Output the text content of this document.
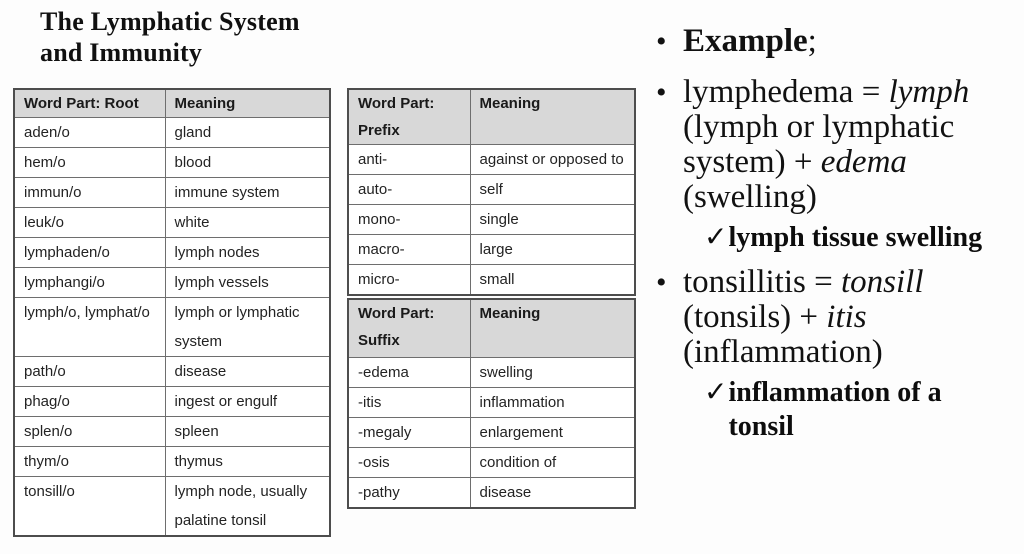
The Lymphatic System
and Immunity
Word Part: Root	Meaning
aden/o	gland
hem/o	blood
immun/o	immune system
leuk/o	white
lymphaden/o	lymph nodes
lymphangi/o	lymph vessels
lymph/o, lymphat/o	lymph or lymphatic system
path/o	disease
phag/o	ingest or engulf
splen/o	spleen
thym/o	thymus
tonsill/o	lymph node, usually palatine tonsil
Word Part: Prefix	Meaning
anti-	against or opposed to
auto-	self
mono-	single
macro-	large
micro-	small
Word Part: Suffix	Meaning
-edema	swelling
-itis	inflammation
-megaly	enlargement
-osis	condition of
-pathy	disease
• Example;
• lymphedema = lymph
(lymph or lymphatic
system) + edema
(swelling)
✓ lymph tissue swelling
• tonsillitis = tonsill
(tonsils) + itis
(inflammation)
✓ inflammation of a
tonsil
